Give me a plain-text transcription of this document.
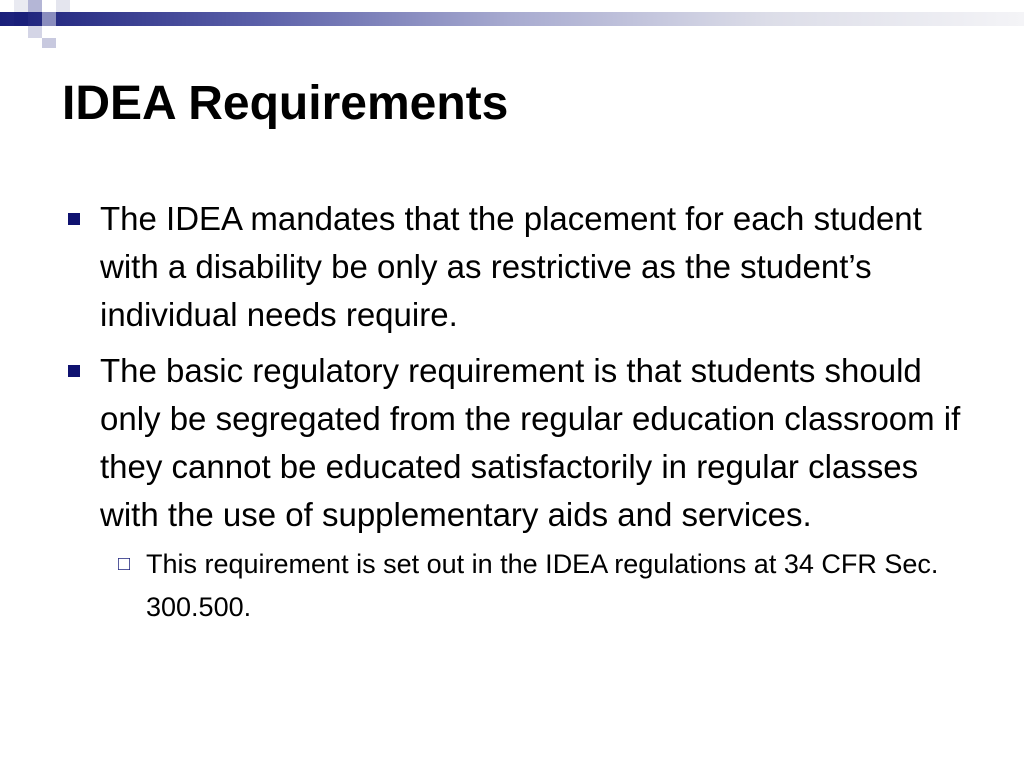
IDEA Requirements
The IDEA mandates that the placement for each student with a disability be only as restrictive as the student’s individual needs require.
The basic regulatory requirement is that students should only be segregated from the regular education classroom if they cannot be educated satisfactorily in regular classes with the use of supplementary aids and services.
□ This requirement is set out in the IDEA regulations at 34 CFR Sec. 300.500.
